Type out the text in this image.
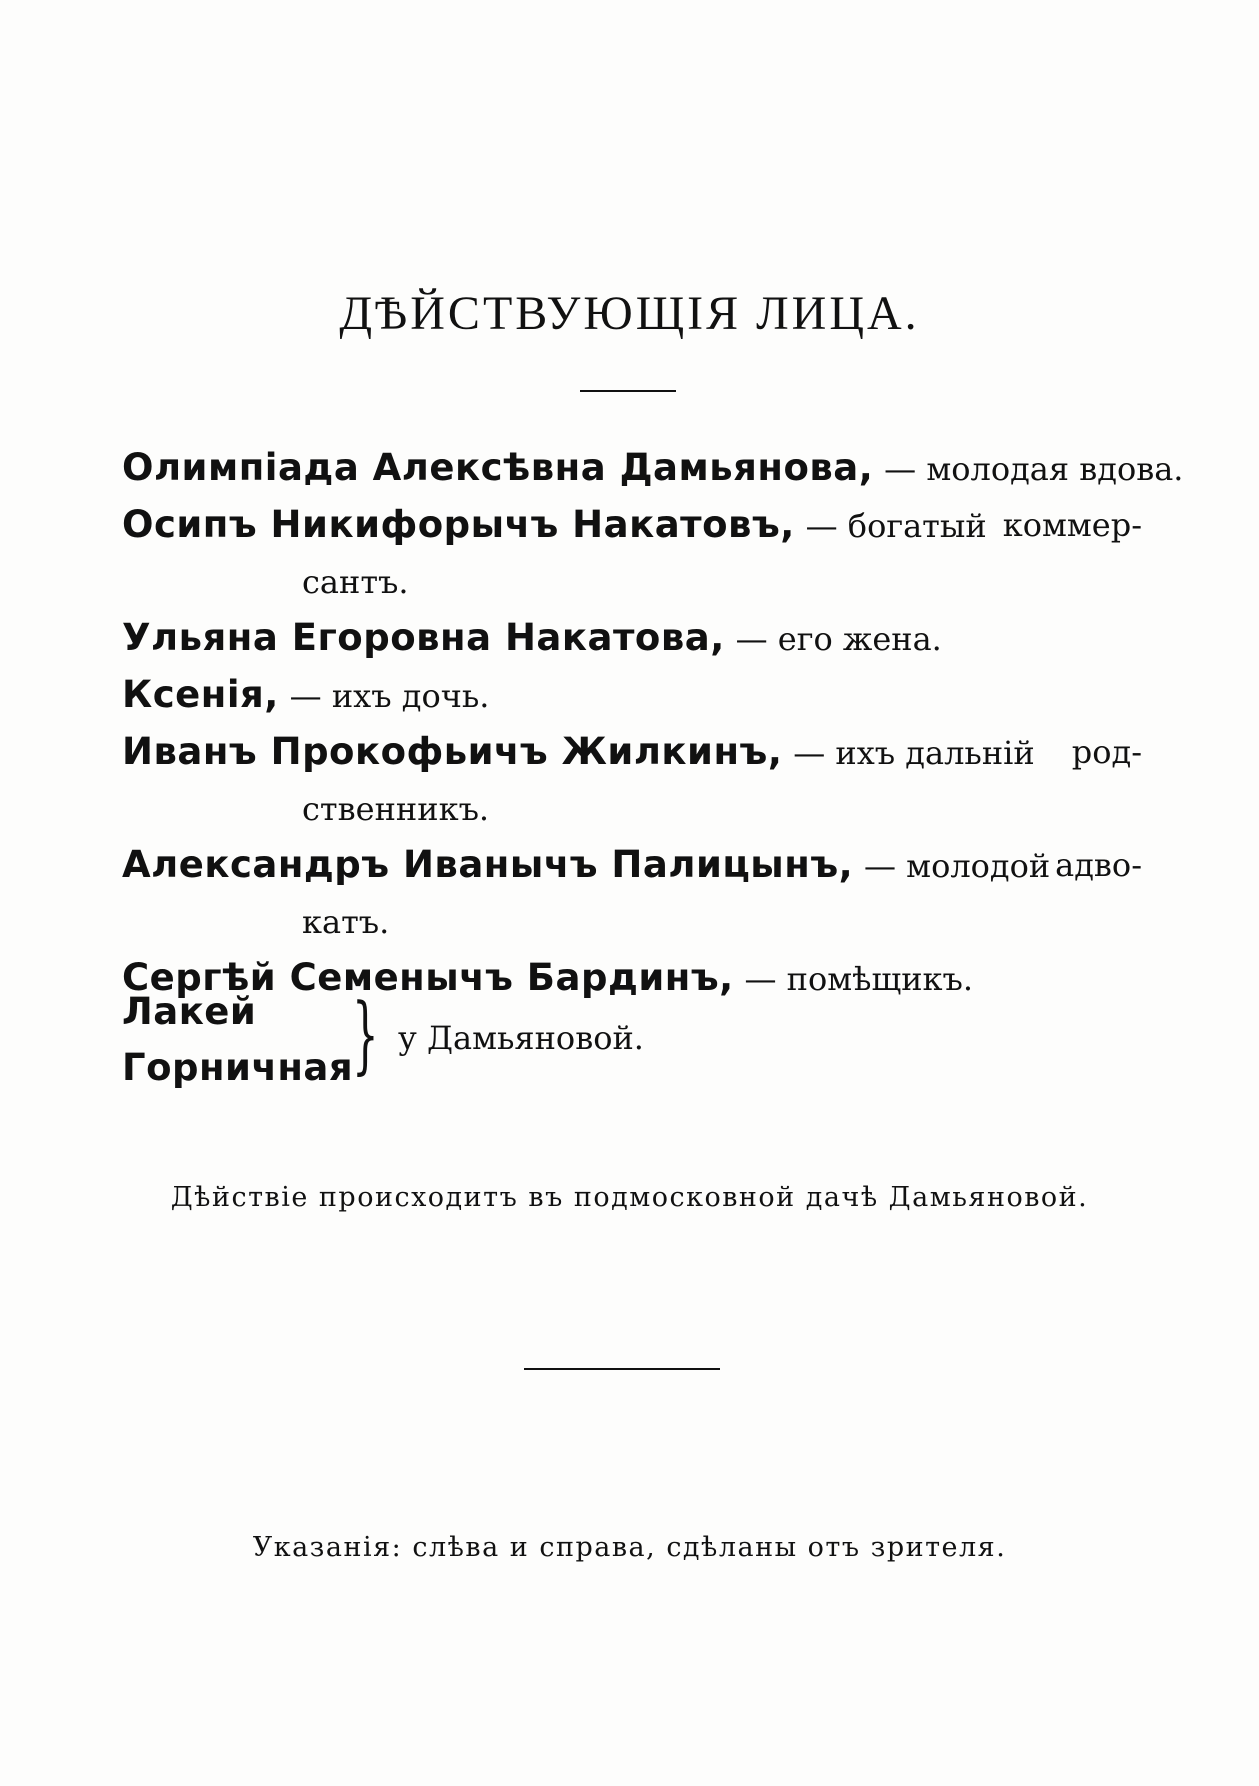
ДѢЙСТВУЮЩІЯ ЛИЦА.
Олимпіада Алексѣвна Дамьянова, — молодая вдова.
Осипъ Никифорычъ Накатовъ, — богатый коммер-
сантъ.
Ульяна Егоровна Накатова, — его жена.
Ксенія, — ихъ дочь.
Иванъ Прокофьичъ Жилкинъ, — ихъ дальній род-
ственникъ.
Александръ Иванычъ Палицынъ, — молодой адво-
катъ.
Сергѣй Семенычъ Бардинъ, — помѣщикъ.
Лакей
Горничная
} у Дамьяновой.
Дѣйствіе происходитъ въ подмосковной дачѣ Дамьяновой.
Указанія: слѣва и справа, сдѣланы отъ зрителя.
